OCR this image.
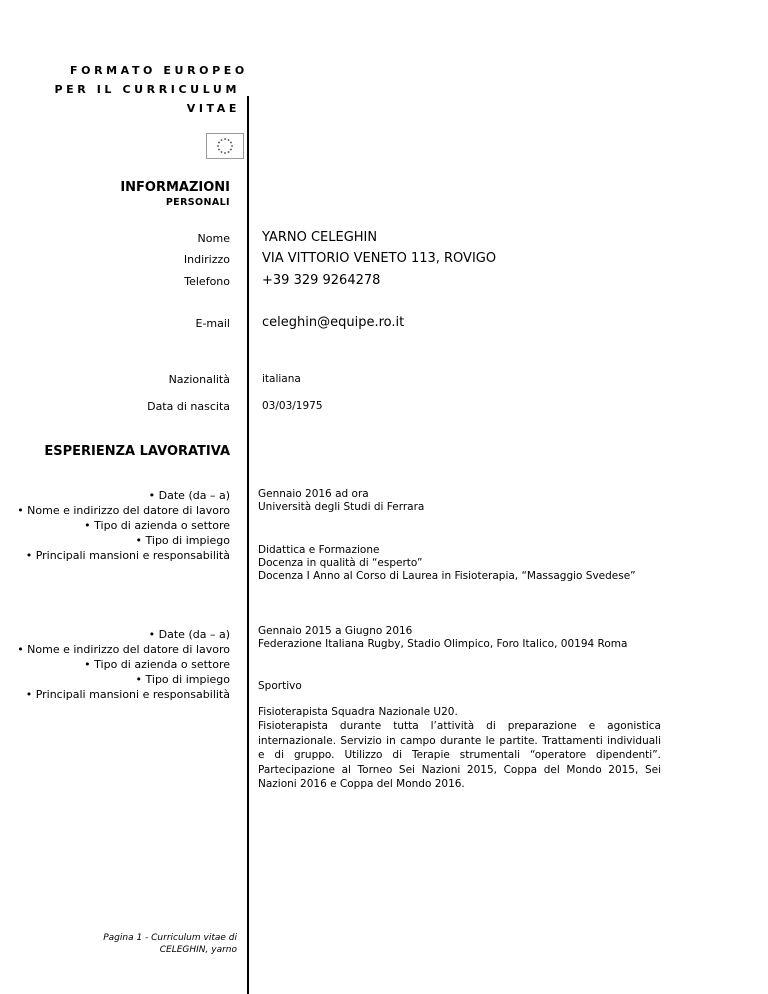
FORMATO EUROPEO
PER IL CURRICULUM
VITAE
INFORMAZIONI
PERSONALI
Nome YARNO CELEGHIN
Indirizzo VIA VITTORIO VENETO 113, ROVIGO
Telefono +39 329 9264278
E-mail celeghin@equipe.ro.it
Nazionalità	italiana
Data di nascita	03/03/1975
ESPERIENZA LAVORATIVA
• Date (da – a)
• Nome e indirizzo del datore di lavoro
• Tipo di azienda o settore
• Tipo di impiego
• Principali mansioni e responsabilità
Gennaio 2016 ad ora
Università degli Studi di Ferrara
Didattica e Formazione
Docenza in qualità di “esperto”
Docenza I Anno al Corso di Laurea in Fisioterapia, “Massaggio Svedese”
• Date (da – a)
• Nome e indirizzo del datore di lavoro
• Tipo di azienda o settore
• Tipo di impiego
• Principali mansioni e responsabilità
Gennaio 2015 a Giugno 2016
Federazione Italiana Rugby, Stadio Olimpico, Foro Italico, 00194 Roma
Sportivo
Fisioterapista Squadra Nazionale U20.
Fisioterapista durante tutta l’attività di preparazione e agonistica internazionale. Servizio in campo durante le partite. Trattamenti individuali e di gruppo. Utilizzo di Terapie strumentali “operatore dipendenti”. Partecipazione al Torneo Sei Nazioni 2015, Coppa del Mondo 2015, Sei Nazioni 2016 e Coppa del Mondo 2016.
Pagina 1 - Curriculum vitae di
CELEGHIN, yarno
